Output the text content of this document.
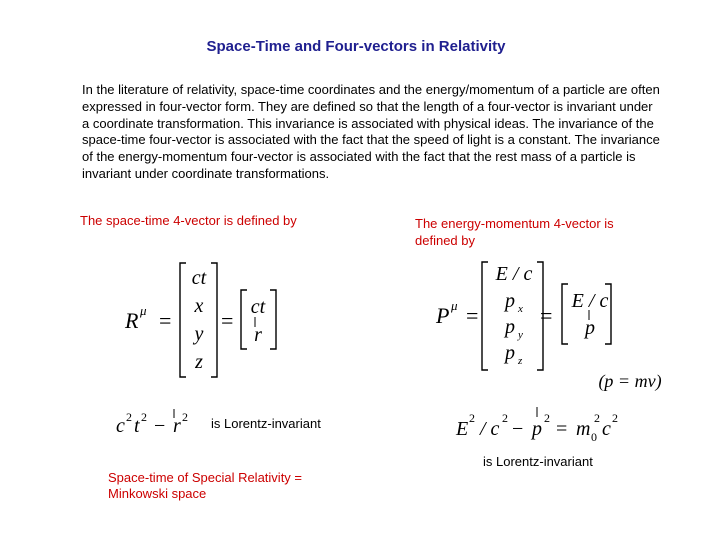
Space-Time and Four-vectors in Relativity
In the literature of relativity, space-time coordinates and the energy/momentum of a particle are often expressed in four-vector form. They are defined so that the length of a four-vector is invariant under a coordinate transformation. This invariance is associated with physical ideas. The invariance of the space-time four-vector is associated with the fact that the speed of light is a constant. The invariance of the energy-momentum four-vector is associated with the fact that the rest mass of a particle is invariant under coordinate transformations.
The space-time 4-vector is defined by	The energy-momentum 4-vector is defined by
R μ =
ct
x
y
z
=
ct
r
c 2 t 2 − r 2 is Lorentz-invariant
P μ =
E / c
p x
p y
p z
=
E / c
p
(p = mv)
E 2 / c 2 − p 2 = m 0
2 c 2
is Lorentz-invariant
Space-time of Special Relativity = Minkowski space
